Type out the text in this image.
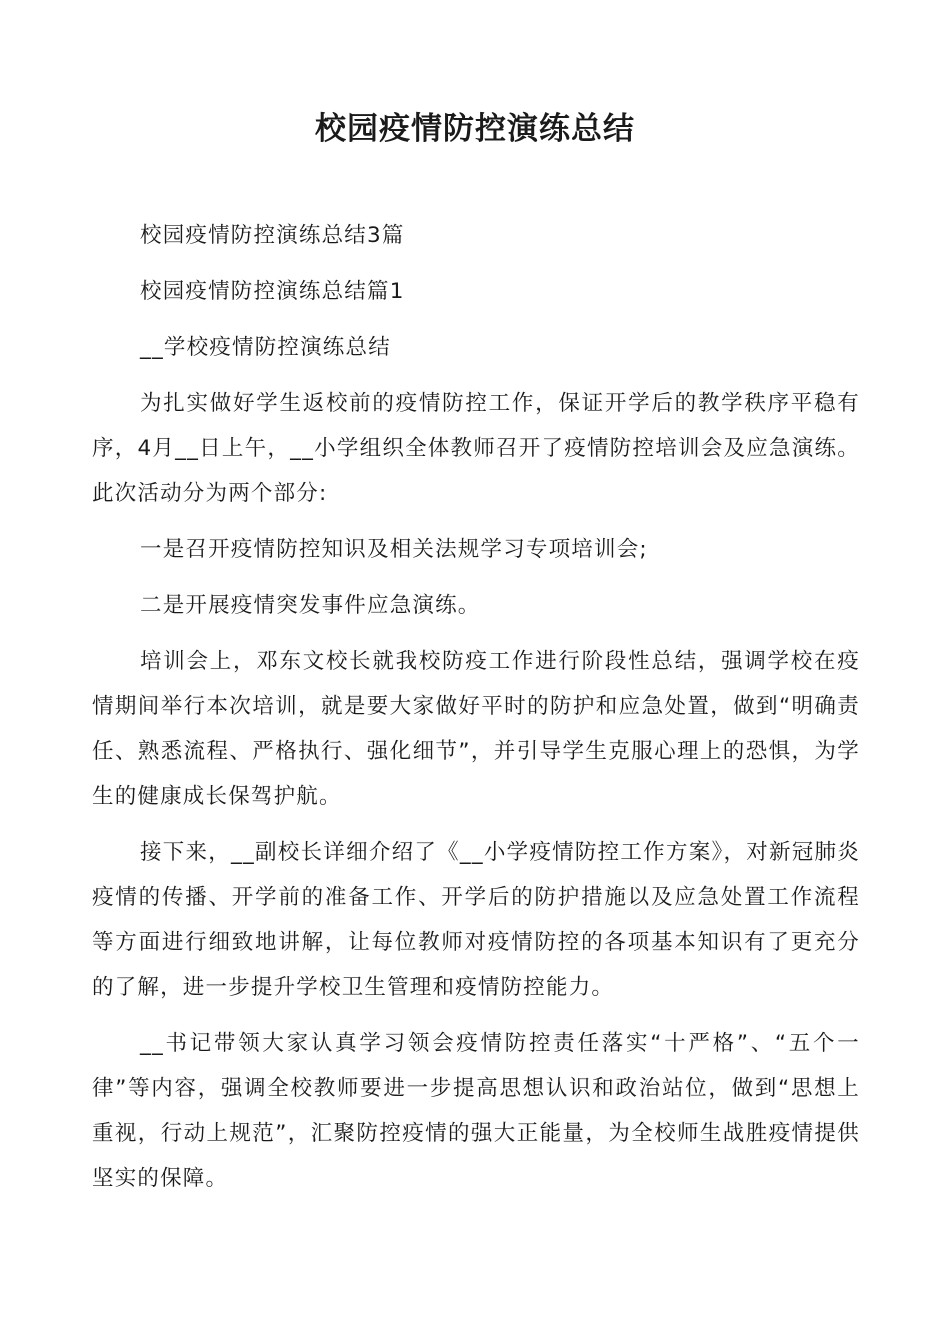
校园疫情防控演练总结

校园疫情防控演练总结3篇

校园疫情防控演练总结篇1

__学校疫情防控演练总结

为扎实做好学生返校前的疫情防控工作，保证开学后的教学秩序平稳有序，4月__日上午，__小学组织全体教师召开了疫情防控培训会及应急演练。此次活动分为两个部分:

一是召开疫情防控知识及相关法规学习专项培训会;

二是开展疫情突发事件应急演练。

培训会上，邓东文校长就我校防疫工作进行阶段性总结，强调学校在疫情期间举行本次培训，就是要大家做好平时的防护和应急处置，做到“明确责任、熟悉流程、严格执行、强化细节”，并引导学生克服心理上的恐惧，为学生的健康成长保驾护航。

接下来，__副校长详细介绍了《__小学疫情防控工作方案》，对新冠肺炎疫情的传播、开学前的准备工作、开学后的防护措施以及应急处置工作流程等方面进行细致地讲解，让每位教师对疫情防控的各项基本知识有了更充分的了解，进一步提升学校卫生管理和疫情防控能力。

__书记带领大家认真学习领会疫情防控责任落实“十严格”、“五个一律”等内容，强调全校教师要进一步提高思想认识和政治站位，做到“思想上重视，行动上规范”，汇聚防控疫情的强大正能量，为全校师生战胜疫情提供坚实的保障。
